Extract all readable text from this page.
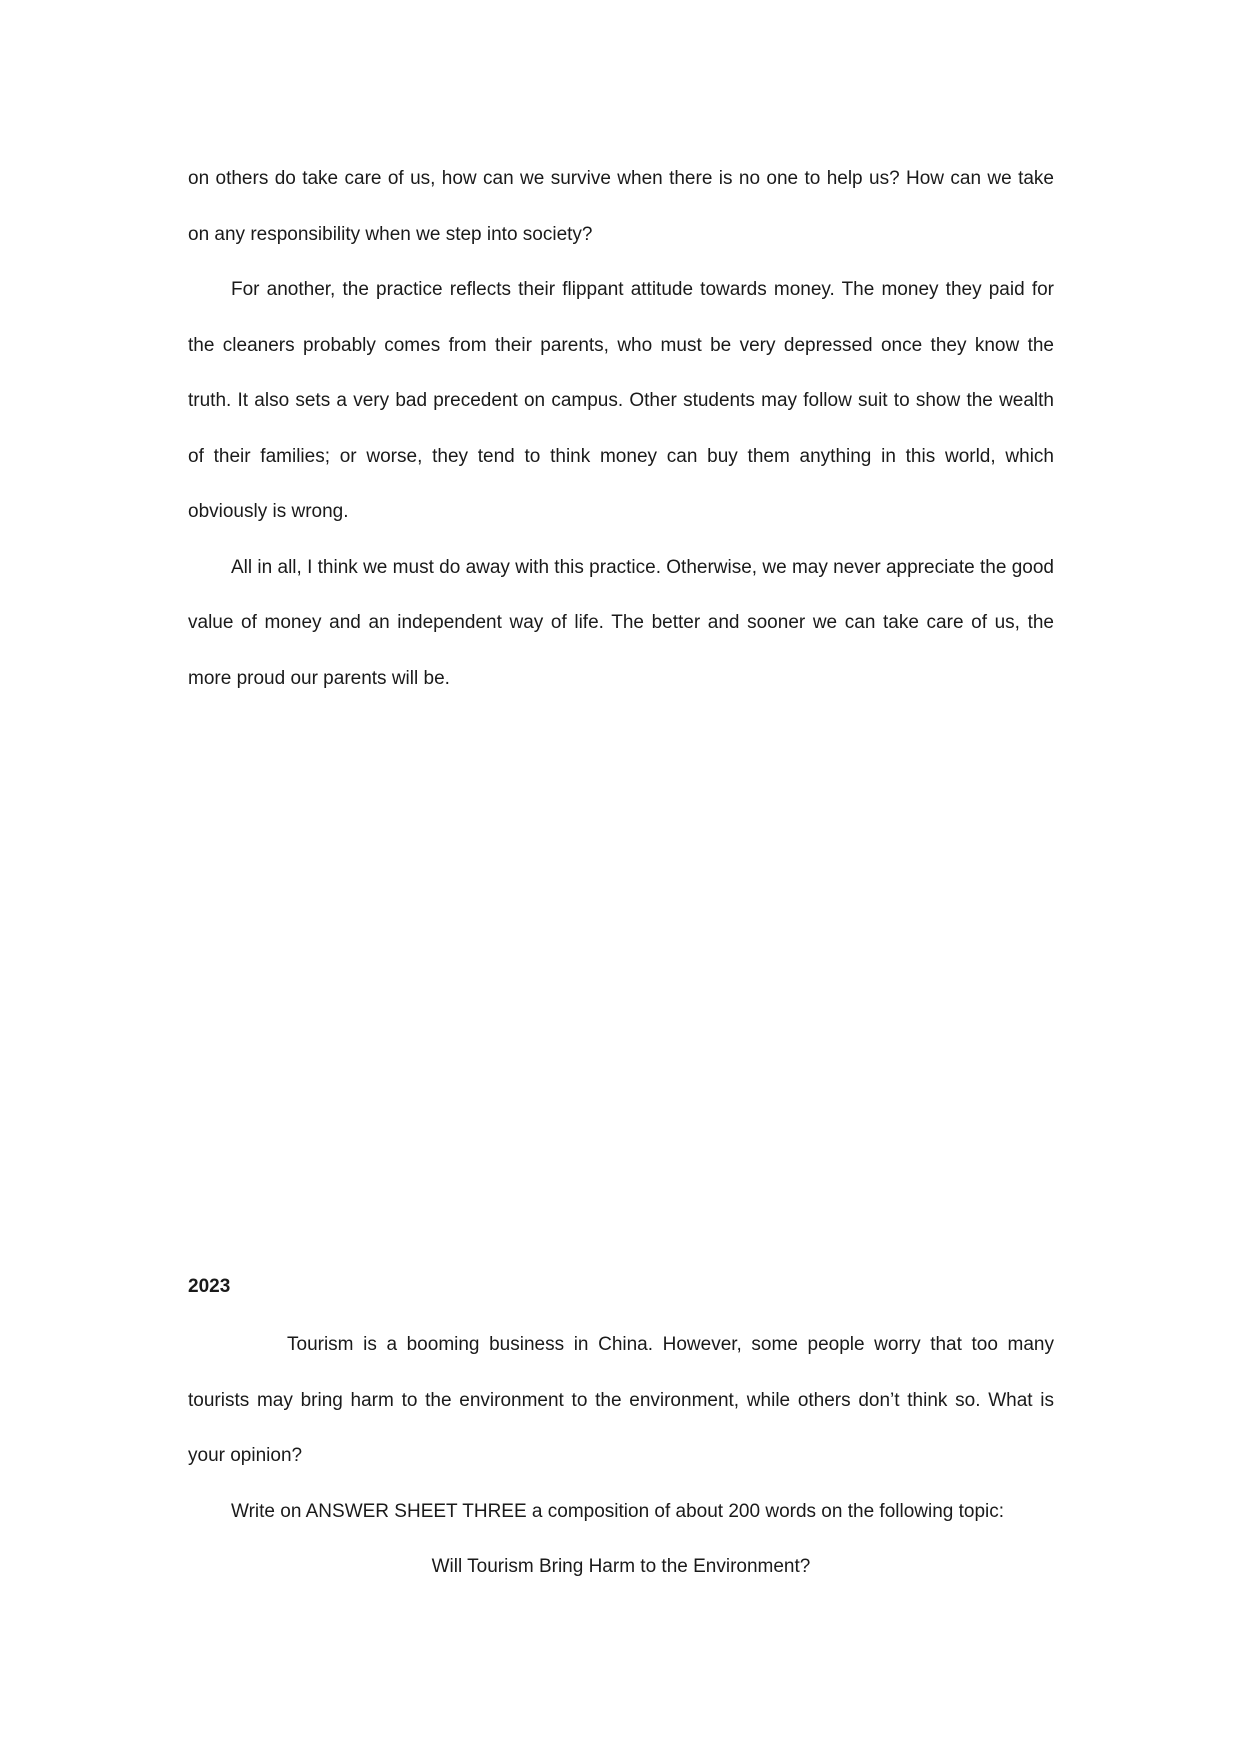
on others do take care of us, how can we survive when there is no one to help us? How can we take on any responsibility when we step into society?

For another, the practice reflects their flippant attitude towards money. The money they paid for the cleaners probably comes from their parents, who must be very depressed once they know the truth. It also sets a very bad precedent on campus. Other students may follow suit to show the wealth of their families; or worse, they tend to think money can buy them anything in this world, which obviously is wrong.

All in all, I think we must do away with this practice. Otherwise, we may never appreciate the good value of money and an independent way of life. The better and sooner we can take care of us, the more proud our parents will be.

2023

Tourism is a booming business in China. However, some people worry that too many tourists may bring harm to the environment to the environment, while others don’t think so. What is your opinion?

Write on ANSWER SHEET THREE a composition of about 200 words on the following topic:

Will Tourism Bring Harm to the Environment?
